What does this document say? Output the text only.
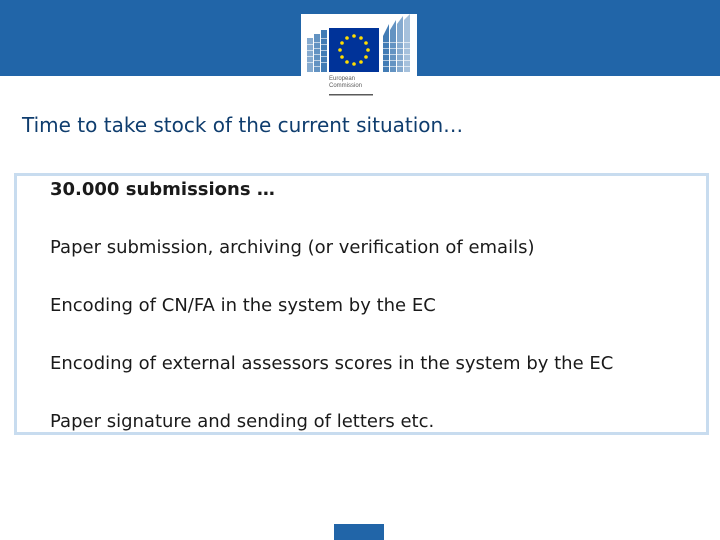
European
Commission
Time to take stock of the current situation…
30.000 submissions …
Paper submission, archiving (or verification of emails)
Encoding of CN/FA in the system by the EC
Encoding of external assessors scores in the system by the EC
Paper signature and sending of letters etc.
